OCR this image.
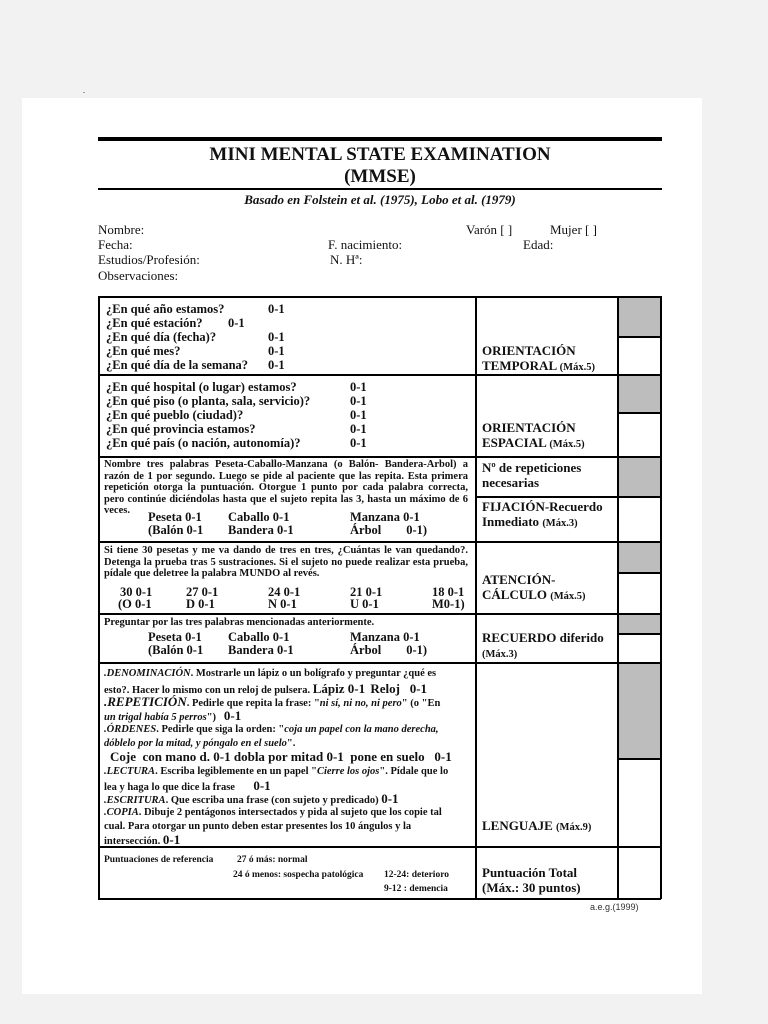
.
MINI MENTAL STATE EXAMINATION
(MMSE)
Basado en Folstein et al. (1975), Lobo et al. (1979)
Nombre:	Varón [ ]	Mujer [ ]
Fecha:	F. nacimiento:	Edad:
Estudios/Profesión:	N. Hª:
Observaciones:
¿En qué año estamos?	0-1
¿En qué estación? 0-1
¿En qué día (fecha)?	0-1
¿En qué mes?	0-1
¿En qué día de la semana? 0-1
ORIENTACIÓN TEMPORAL (Máx.5)
¿En qué hospital (o lugar) estamos?	0-1
¿En qué piso (o planta, sala, servicio)?	0-1
¿En qué pueblo (ciudad)?	0-1
¿En qué provincia estamos?	0-1
¿En qué país (o nación, autonomía)?	0-1
ORIENTACIÓN ESPACIAL (Máx.5)
Nombre tres palabras Peseta-Caballo-Manzana (o Balón- Bandera-Arbol) a razón de 1 por segundo. Luego se pide al paciente que las repita. Esta primera repetición otorga la puntuación. Otorgue 1 punto por cada palabra correcta, pero continúe diciéndolas hasta que el sujeto repita las 3, hasta un máximo de 6 veces.	Peseta 0-1 Caballo 0-1	Manzana 0-1
(Balón 0-1 Bandera 0-1	Árbol        0-1)
Nº de repeticiones necesarias
FIJACIÓN-Recuerdo Inmediato (Máx.3)
Si tiene 30 pesetas y me va dando de tres en tres, ¿Cuántas le van quedando?. Detenga la prueba tras 5 sustraciones. Si el sujeto no puede realizar esta prueba, pídale que deletree la palabra MUNDO al revés.
30 0-1	27 0-1	24 0-1	21 0-1	18 0-1
(O 0-1	D 0-1	N 0-1	U 0-1	M0-1)
ATENCIÓN-CÁLCULO (Máx.5)
Preguntar por las tres palabras mencionadas anteriormente.
Peseta 0-1 Caballo 0-1	Manzana 0-1
(Balón 0-1 Bandera 0-1	Árbol        0-1)
RECUERDO diferido
(Máx.3)
.DENOMINACIÓN. Mostrarle un lápiz o un bolígrafo y preguntar ¿qué es
esto?. Hacer lo mismo con un reloj de pulsera. Lápiz 0-1 Reloj   0-1
.REPETICIÓN. Pedirle que repita la frase: "ni sí, ni no, ni pero" (o "En
un trigal había 5 perros")   0-1
.ÓRDENES. Pedirle que siga la orden: "coja un papel con la mano derecha,
dóblelo por la mitad, y póngalo en el suelo".
Coje  con mano d. 0-1 dobla por mitad 0-1  pone en suelo   0-1
.LECTURA. Escriba legiblemente en un papel "Cierre los ojos". Pídale que lo
lea y haga lo que dice la frase 0-1
.ESCRITURA. Que escriba una frase (con sujeto y predicado) 0-1
.COPIA. Dibuje 2 pentágonos intersectados y pida al sujeto que los copie tal
cual. Para otorgar un punto deben estar presentes los 10 ángulos y la
intersección. 0-1
LENGUAJE (Máx.9)
Puntuaciones de referencia 27 ó más: normal
24 ó menos: sospecha patológica 12-24: deterioro
9-12 : demencia
Puntuación Total
(Máx.: 30 puntos)
a.e.g.(1999)
